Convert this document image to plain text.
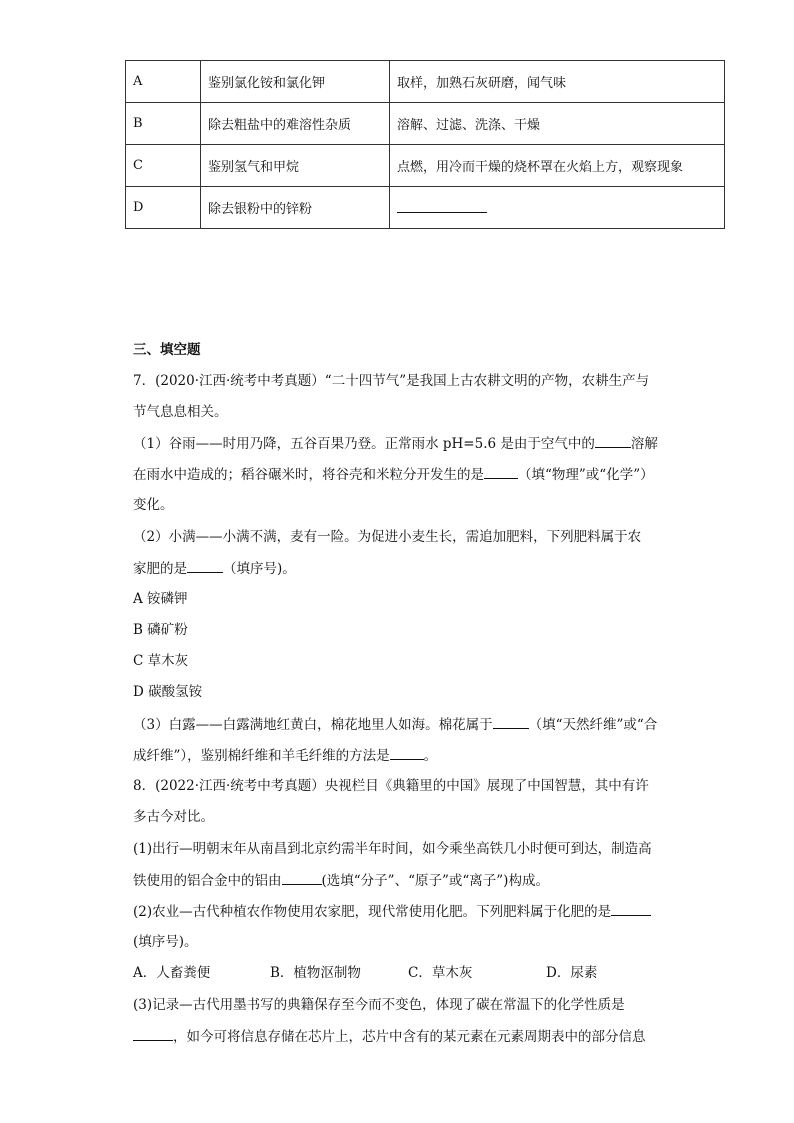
A	鉴别氯化铵和氯化钾	取样，加熟石灰研磨，闻气味
B	除去粗盐中的难溶性杂质	溶解、过滤、洗涤、干燥
C	鉴别氢气和甲烷	点燃，用冷而干燥的烧杯罩在火焰上方，观察现象
D	除去银粉中的锌粉	
三、填空题
7．(2020·江西·统考中考真题）“二十四节气”是我国上古农耕文明的产物，农耕生产与
节气息息相关。
（1）谷雨——时用乃降，五谷百果乃登。正常雨水 pH=5.6 是由于空气中的	溶解
在雨水中造成的；稻谷碾米时，将谷壳和米粒分开发生的是	（填“物理”或“化学”）
变化。
（2）小满——小满不满，麦有一险。为促进小麦生长，需追加肥料，下列肥料属于农
家肥的是	（填序号)。
A 铵磷钾
B 磷矿粉
C 草木灰
D 碳酸氢铵
（3）白露——白露满地红黄白，棉花地里人如海。棉花属于	（填“天然纤维”或“合
成纤维”），鉴别棉纤维和羊毛纤维的方法是	。
8．(2022·江西·统考中考真题）央视栏目《典籍里的中国》展现了中国智慧，其中有许
多古今对比。
(1)出行—明朝末年从南昌到北京约需半年时间，如今乘坐高铁几小时便可到达，制造高
铁使用的铝合金中的铝由	(选填“分子”、“原子”或“离子”)构成。
(2)农业—古代种植农作物使用农家肥，现代常使用化肥。下列肥料属于化肥的是
(填序号)。
A．人畜粪便	B．植物沤制物	C．草木灰	D．尿素
(3)记录—古代用墨书写的典籍保存至今而不变色，体现了碳在常温下的化学性质是
，如今可将信息存储在芯片上，芯片中含有的某元素在元素周期表中的部分信息
